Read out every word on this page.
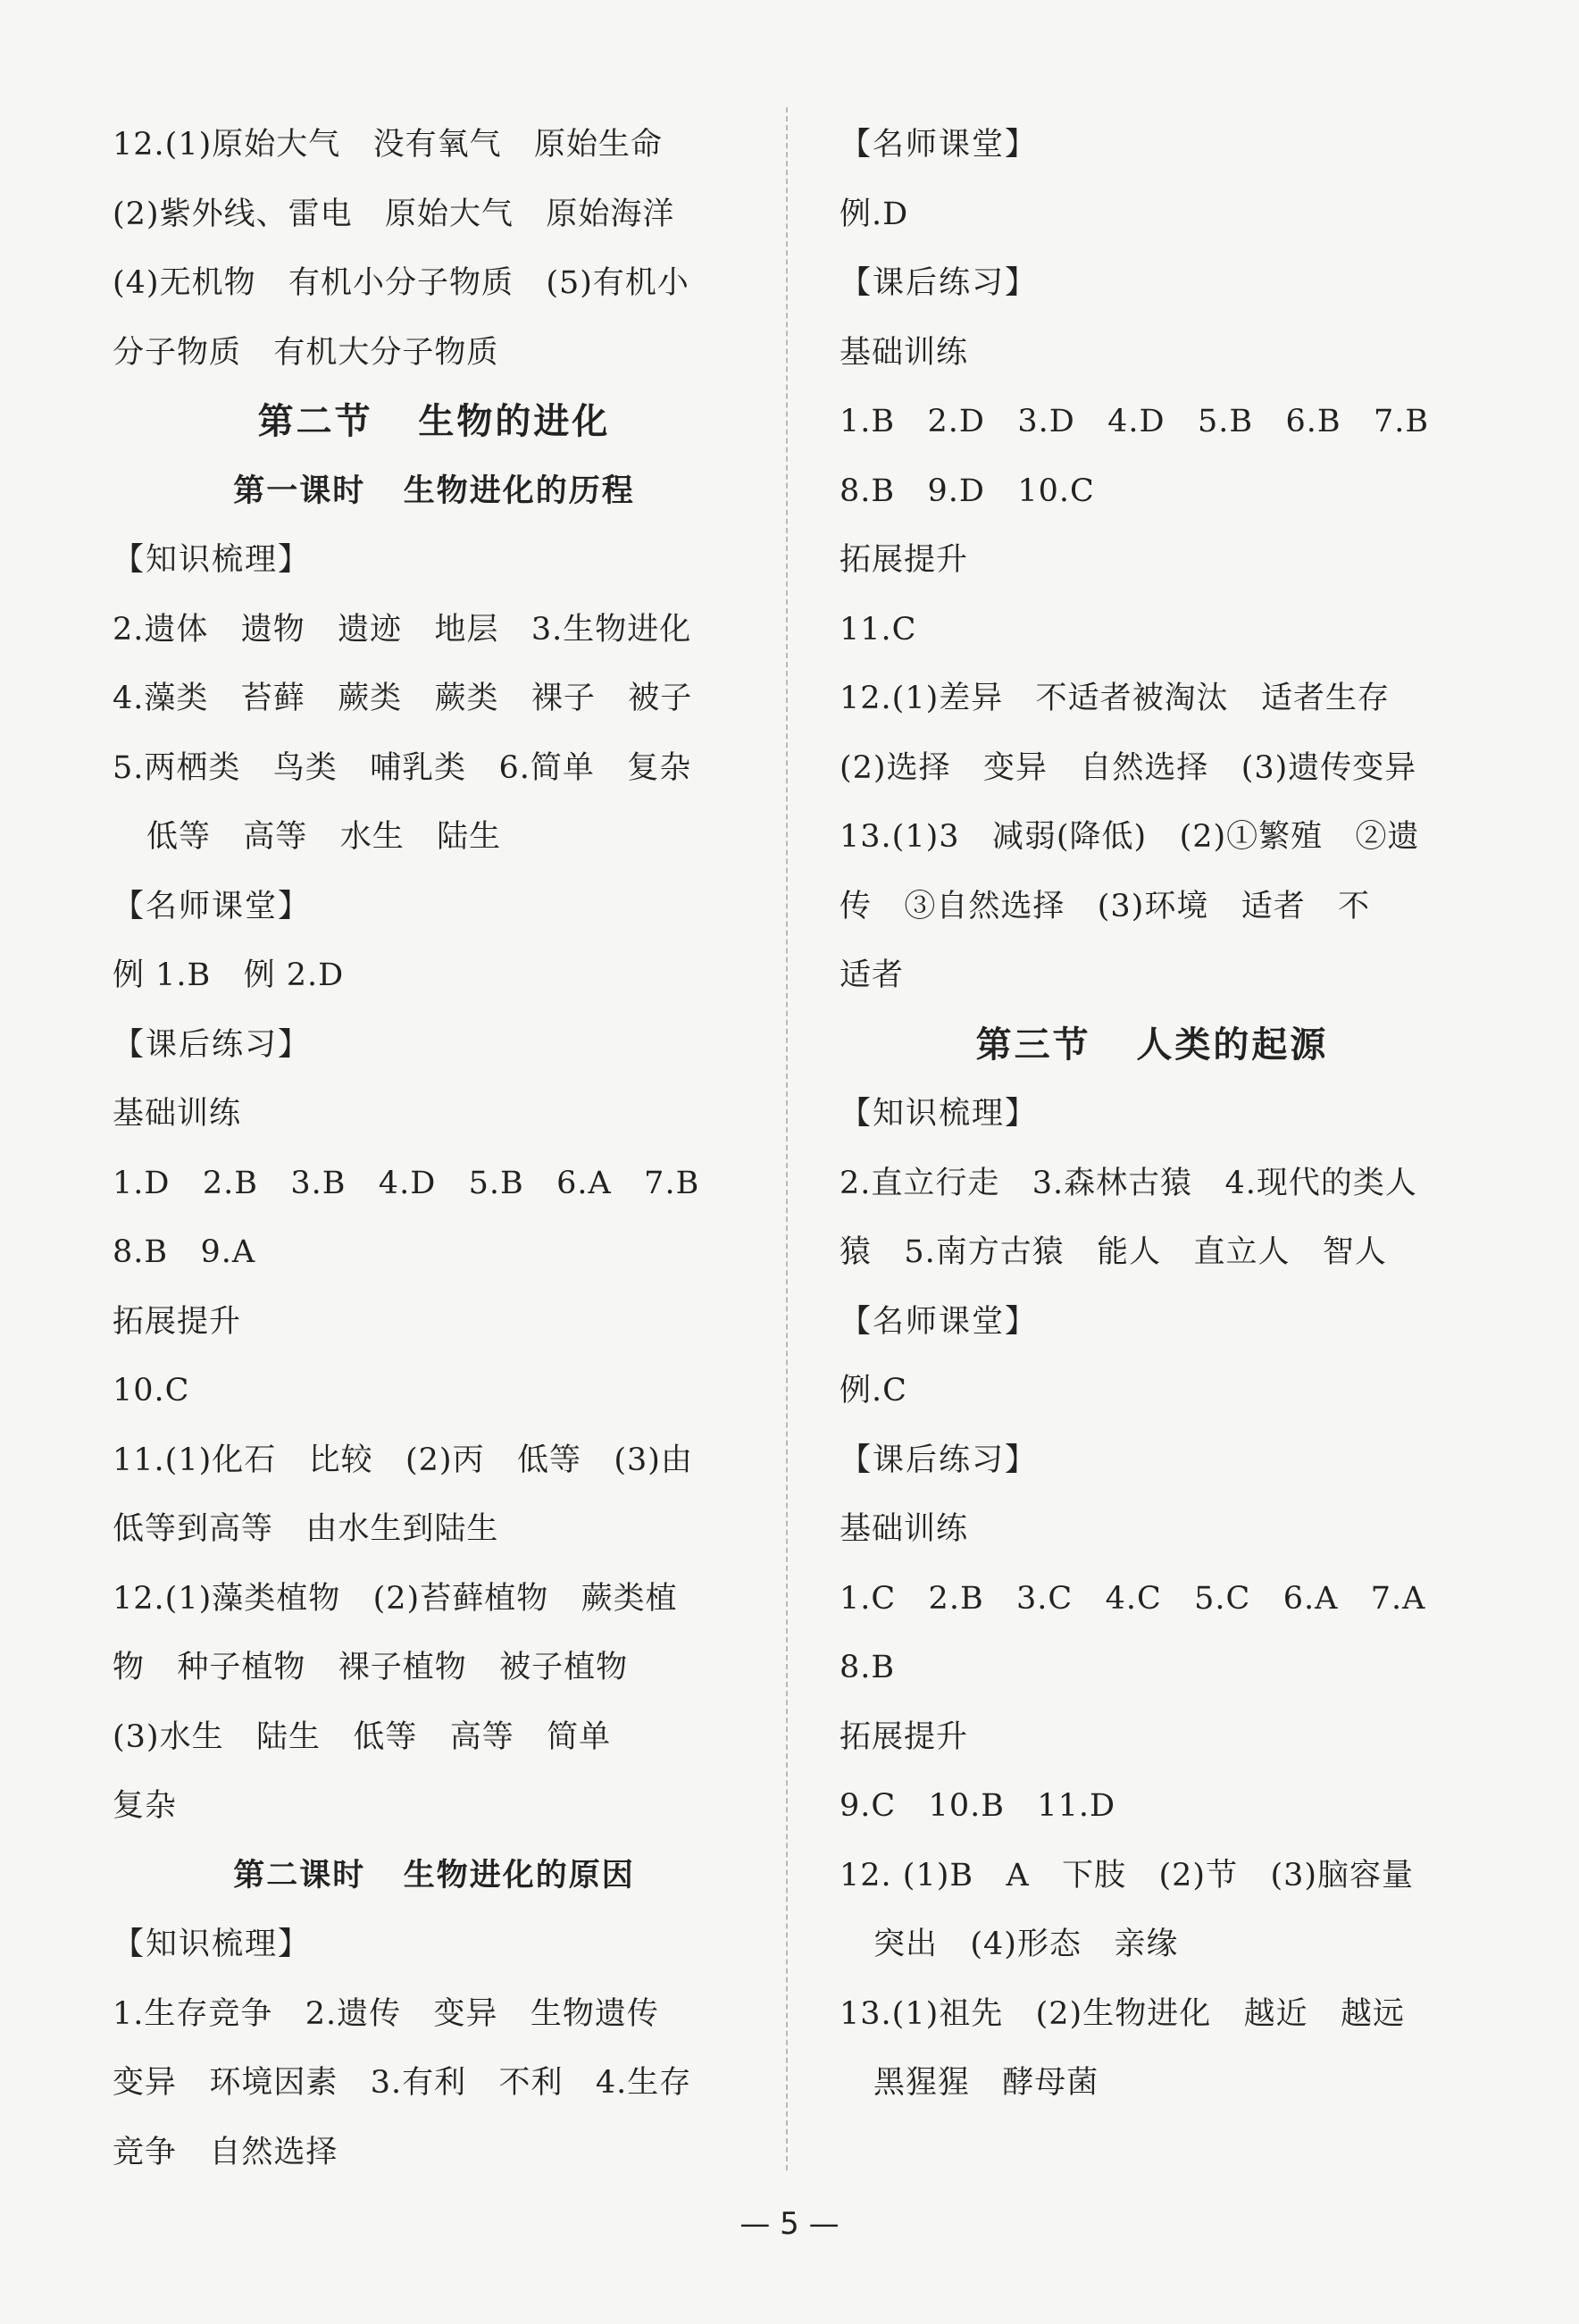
12.(1)原始大气   没有氧气   原始生命
(2)紫外线、雷电   原始大气   原始海洋
(4)无机物   有机小分子物质   (5)有机小
分子物质   有机大分子物质
第二节   生物的进化
第一课时   生物进化的历程
【知识梳理】
2.遗体   遗物   遗迹   地层   3.生物进化
4.藻类   苔藓   蕨类   蕨类   裸子   被子
5.两栖类   鸟类   哺乳类   6.简单   复杂
低等   高等   水生   陆生
【名师课堂】
例 1.B   例 2.D
【课后练习】
基础训练
1.D   2.B   3.B   4.D   5.B   6.A   7.B
8.B   9.A
拓展提升
10.C
11.(1)化石   比较   (2)丙   低等   (3)由
低等到高等   由水生到陆生
12.(1)藻类植物   (2)苔藓植物   蕨类植
物   种子植物   裸子植物   被子植物
(3)水生   陆生   低等   高等   简单
复杂
第二课时   生物进化的原因
【知识梳理】
1.生存竞争   2.遗传   变异   生物遗传
变异   环境因素   3.有利   不利   4.生存
竞争   自然选择
【名师课堂】
例.D
【课后练习】
基础训练
1.B   2.D   3.D   4.D   5.B   6.B   7.B
8.B   9.D   10.C
拓展提升
11.C
12.(1)差异   不适者被淘汰   适者生存
(2)选择   变异   自然选择   (3)遗传变异
13.(1)3   减弱(降低)   (2)①繁殖   ②遗
传   ③自然选择   (3)环境   适者   不
适者
第三节   人类的起源
【知识梳理】
2.直立行走   3.森林古猿   4.现代的类人
猿   5.南方古猿   能人   直立人   智人
【名师课堂】
例.C
【课后练习】
基础训练
1.C   2.B   3.C   4.C   5.C   6.A   7.A
8.B
拓展提升
9.C   10.B   11.D
12. (1)B   A   下肢   (2)节   (3)脑容量
突出   (4)形态   亲缘
13.(1)祖先   (2)生物进化   越近   越远
黑猩猩   酵母菌
— 5 —
